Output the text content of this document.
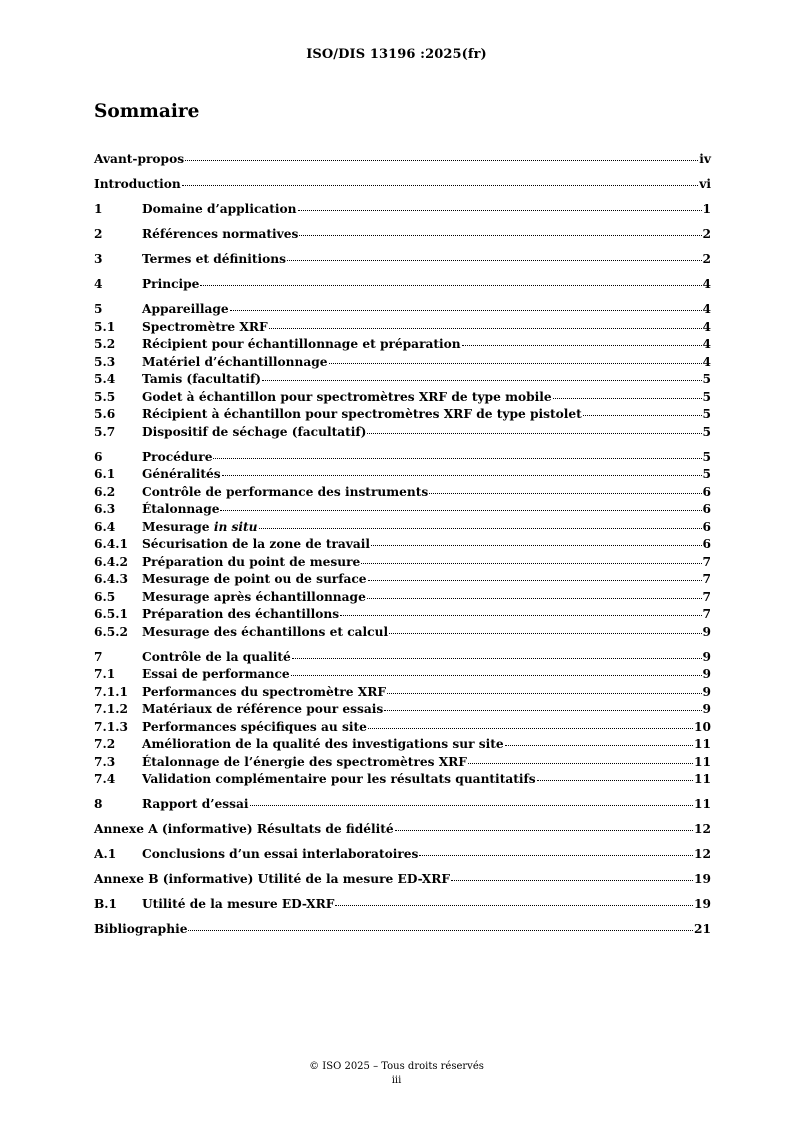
ISO/DIS 13196 :2025(fr)
Sommaire
Avant-propos	iv
Introduction	vi
1	Domaine d’application	1
2	Références normatives	2
3	Termes et définitions	2
4	Principe	4
5	Appareillage	4
5.1	Spectromètre XRF	4
5.2	Récipient pour échantillonnage et préparation	4
5.3	Matériel d’échantillonnage	4
5.4	Tamis (facultatif)	5
5.5	Godet à échantillon pour spectromètres XRF de type mobile	5
5.6	Récipient à échantillon pour spectromètres XRF de type pistolet	5
5.7	Dispositif de séchage (facultatif)	5
6	Procédure	5
6.1	Généralités	5
6.2	Contrôle de performance des instruments	6
6.3	Étalonnage	6
6.4	Mesurage in situ	6
6.4.1	Sécurisation de la zone de travail	6
6.4.2	Préparation du point de mesure	7
6.4.3	Mesurage de point ou de surface	7
6.5	Mesurage après échantillonnage	7
6.5.1	Préparation des échantillons	7
6.5.2	Mesurage des échantillons et calcul	9
7	Contrôle de la qualité	9
7.1	Essai de performance	9
7.1.1	Performances du spectromètre XRF	9
7.1.2	Matériaux de référence pour essais	9
7.1.3	Performances spécifiques au site	10
7.2	Amélioration de la qualité des investigations sur site	11
7.3	Étalonnage de l’énergie des spectromètres XRF	11
7.4	Validation complémentaire pour les résultats quantitatifs	11
8	Rapport d’essai	11
Annexe A (informative) Résultats de fidélité	12
A.1	Conclusions d’un essai interlaboratoires	12
Annexe B (informative) Utilité de la mesure ED-XRF	19
B.1	Utilité de la mesure ED-XRF	19
Bibliographie	21
© ISO 2025 – Tous droits réservés
iii
